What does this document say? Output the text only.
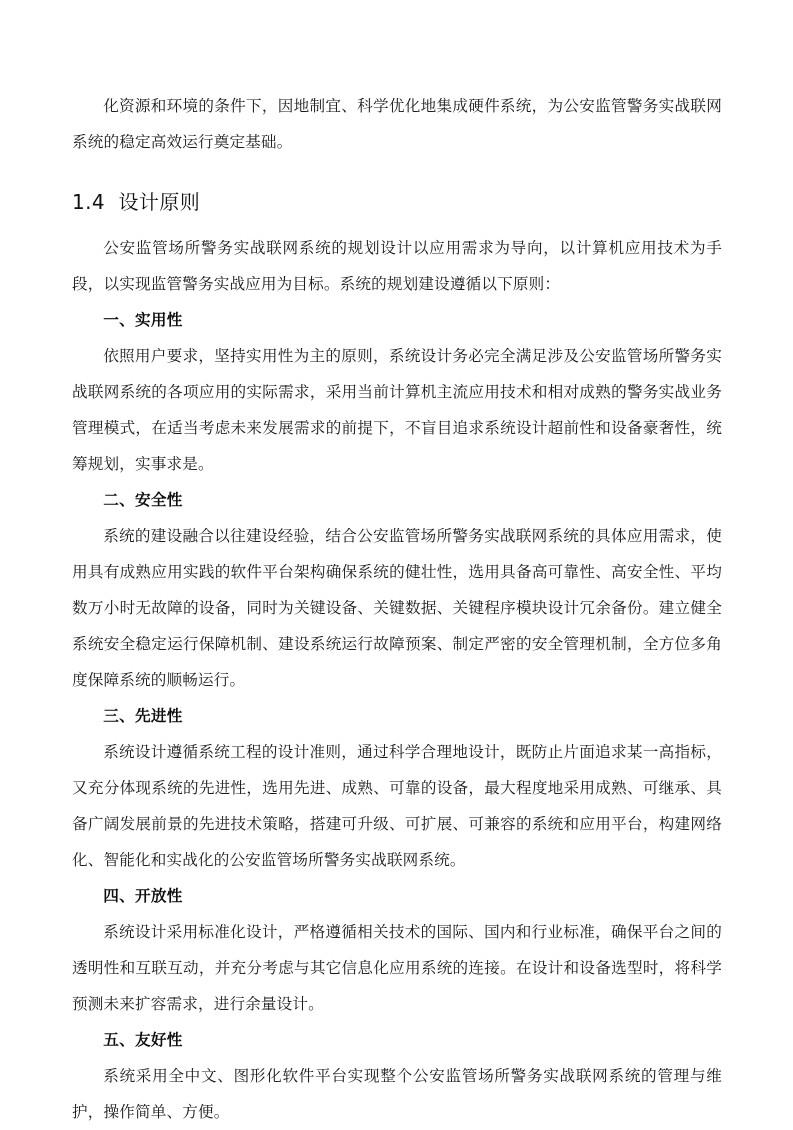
化资源和环境的条件下，因地制宜、科学优化地集成硬件系统，为公安监管警务实战联网系统的稳定高效运行奠定基础。

1.4  设计原则

公安监管场所警务实战联网系统的规划设计以应用需求为导向，以计算机应用技术为手段，以实现监管警务实战应用为目标。系统的规划建设遵循以下原则：

一、实用性

依照用户要求，坚持实用性为主的原则，系统设计务必完全满足涉及公安监管场所警务实战联网系统的各项应用的实际需求，采用当前计算机主流应用技术和相对成熟的警务实战业务管理模式，在适当考虑未来发展需求的前提下，不盲目追求系统设计超前性和设备豪奢性，统筹规划，实事求是。

二、安全性

系统的建设融合以往建设经验，结合公安监管场所警务实战联网系统的具体应用需求，使用具有成熟应用实践的软件平台架构确保系统的健壮性，选用具备高可靠性、高安全性、平均数万小时无故障的设备，同时为关键设备、关键数据、关键程序模块设计冗余备份。建立健全系统安全稳定运行保障机制、建设系统运行故障预案、制定严密的安全管理机制，全方位多角度保障系统的顺畅运行。

三、先进性

系统设计遵循系统工程的设计准则，通过科学合理地设计，既防止片面追求某一高指标，又充分体现系统的先进性，选用先进、成熟、可靠的设备，最大程度地采用成熟、可继承、具备广阔发展前景的先进技术策略，搭建可升级、可扩展、可兼容的系统和应用平台，构建网络化、智能化和实战化的公安监管场所警务实战联网系统。

四、开放性

系统设计采用标准化设计，严格遵循相关技术的国际、国内和行业标准，确保平台之间的透明性和互联互动，并充分考虑与其它信息化应用系统的连接。在设计和设备选型时，将科学预测未来扩容需求，进行余量设计。

五、友好性

系统采用全中文、图形化软件平台实现整个公安监管场所警务实战联网系统的管理与维护，操作简单、方便。
